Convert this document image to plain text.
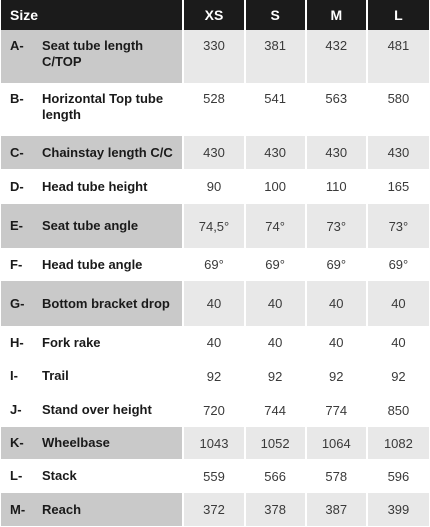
Size	XS	S	M	L

A- Seat tube length C/TOP	330	381	432	481

B- Horizontal Top tube length	528	541	563	580

C- Chainstay length C/C	430	430	430	430

D- Head tube height	90	100	110	165

E- Seat tube angle	74,5°	74°	73°	73°

F- Head tube angle	69°	69°	69°	69°

G- Bottom bracket drop	40	40	40	40

H- Fork rake	40	40	40	40

I- Trail	92	92	92	92

J- Stand over height	720	744	774	850

K- Wheelbase	1043	1052	1064	1082

L- Stack	559	566	578	596

M- Reach	372	378	387	399
